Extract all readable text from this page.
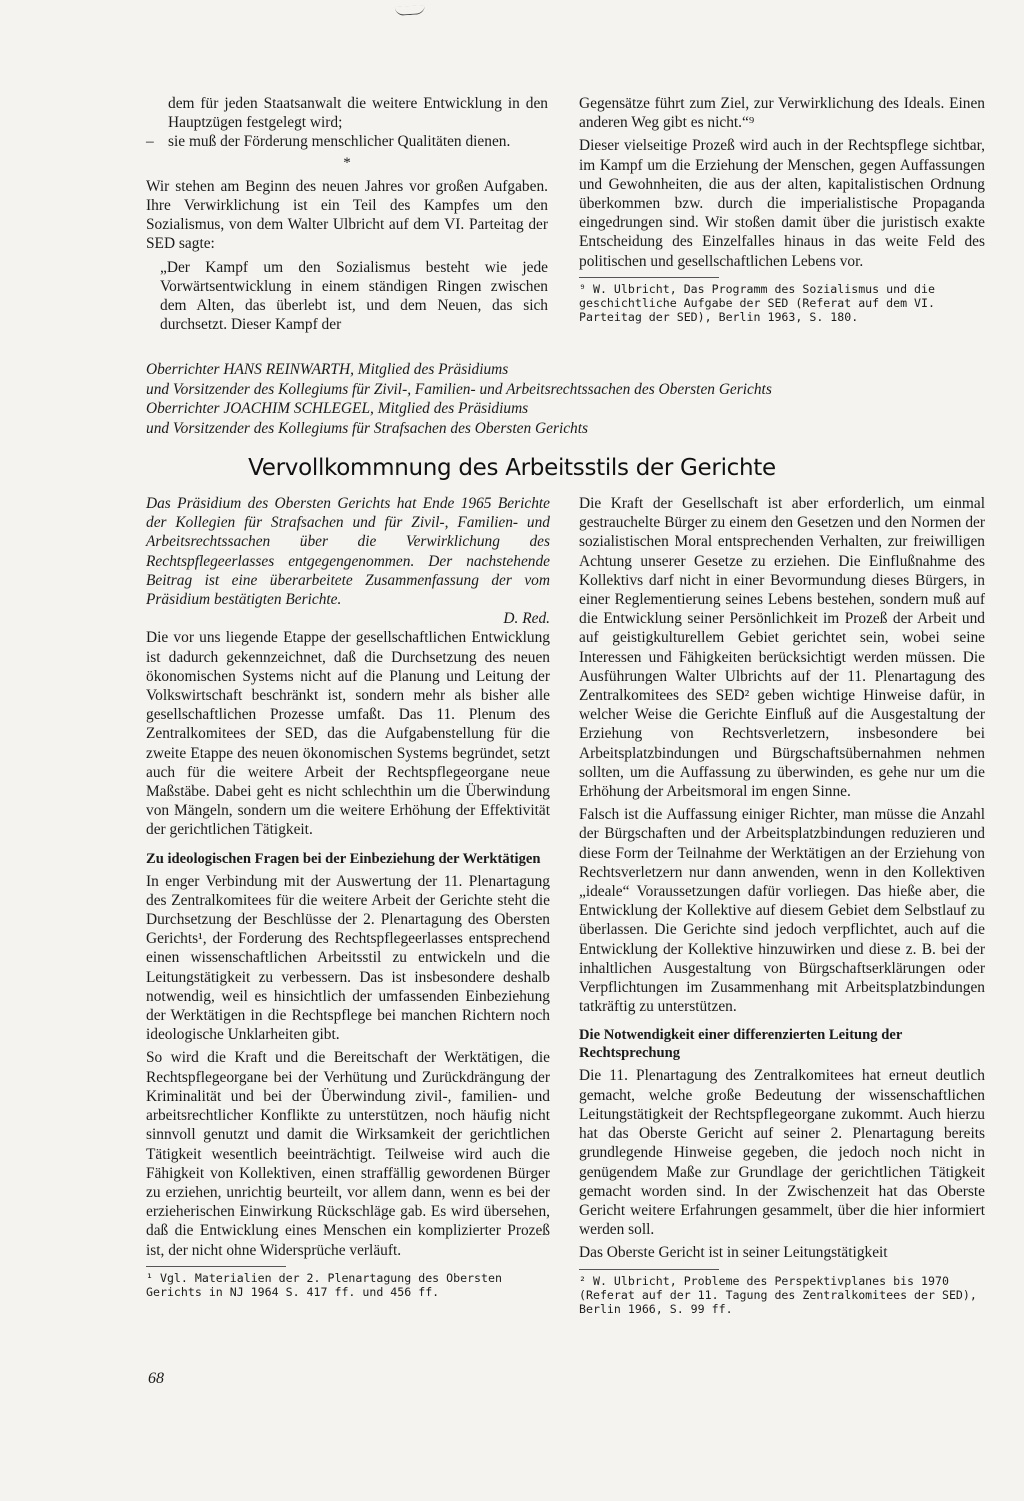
dem für jeden Staatsanwalt die weitere Entwicklung in den Hauptzügen festgelegt wird;

– sie muß der Förderung menschlicher Qualitäten dienen.
*

Wir stehen am Beginn des neuen Jahres vor großen Aufgaben. Ihre Verwirklichung ist ein Teil des Kampfes um den Sozialismus, von dem Walter Ulbricht auf dem VI. Parteitag der SED sagte:

„Der Kampf um den Sozialismus besteht wie jede Vorwärtsentwicklung in einem ständigen Ringen zwischen dem Alten, das überlebt ist, und dem Neuen, das sich durchsetzt. Dieser Kampf der

Gegensätze führt zum Ziel, zur Verwirklichung des Ideals. Einen anderen Weg gibt es nicht.“⁹

Dieser vielseitige Prozeß wird auch in der Rechtspflege sichtbar, im Kampf um die Erziehung der Menschen, gegen Auffassungen und Gewohnheiten, die aus der alten, kapitalistischen Ordnung überkommen bzw. durch die imperialistische Propaganda eingedrungen sind. Wir stoßen damit über die juristisch exakte Entscheidung des Einzelfalles hinaus in das weite Feld des politischen und gesellschaftlichen Lebens vor.

⁹ W. Ulbricht, Das Programm des Sozialismus und die geschichtliche Aufgabe der SED (Referat auf dem VI. Parteitag der SED), Berlin 1963, S. 180.

Oberrichter HANS REINWARTH, Mitglied des Präsidiums
und Vorsitzender des Kollegiums für Zivil-, Familien- und Arbeitsrechtssachen des Obersten Gerichts
Oberrichter JOACHIM SCHLEGEL, Mitglied des Präsidiums
und Vorsitzender des Kollegiums für Strafsachen des Obersten Gerichts
Vervollkommnung des Arbeitsstils der Gerichte

Das Präsidium des Obersten Gerichts hat Ende 1965 Berichte der Kollegien für Strafsachen und für Zivil-, Familien- und Arbeitsrechtssachen über die Verwirklichung des Rechtspflegeerlasses entgegengenommen. Der nachstehende Beitrag ist eine überarbeitete Zusammenfassung der vom Präsidium bestätigten Berichte.

D. Red.

Die vor uns liegende Etappe der gesellschaftlichen Entwicklung ist dadurch gekennzeichnet, daß die Durchsetzung des neuen ökonomischen Systems nicht auf die Planung und Leitung der Volkswirtschaft beschränkt ist, sondern mehr als bisher alle gesellschaftlichen Prozesse umfaßt. Das 11. Plenum des Zentralkomitees der SED, das die Aufgabenstellung für die zweite Etappe des neuen ökonomischen Systems begründet, setzt auch für die weitere Arbeit der Rechtspflegeorgane neue Maßstäbe. Dabei geht es nicht schlechthin um die Überwindung von Mängeln, sondern um die weitere Erhöhung der Effektivität der gerichtlichen Tätigkeit.

Zu ideologischen Fragen bei der Einbeziehung der Werktätigen

In enger Verbindung mit der Auswertung der 11. Plenartagung des Zentralkomitees für die weitere Arbeit der Gerichte steht die Durchsetzung der Beschlüsse der 2. Plenartagung des Obersten Gerichts¹, der Forderung des Rechtspflegeerlasses entsprechend einen wissenschaftlichen Arbeitsstil zu entwickeln und die Leitungstätigkeit zu verbessern. Das ist insbesondere deshalb notwendig, weil es hinsichtlich der umfassenden Einbeziehung der Werktätigen in die Rechtspflege bei manchen Richtern noch ideologische Unklarheiten gibt.

So wird die Kraft und die Bereitschaft der Werktätigen, die Rechtspflegeorgane bei der Verhütung und Zurückdrängung der Kriminalität und bei der Überwindung zivil-, familien- und arbeitsrechtlicher Konflikte zu unterstützen, noch häufig nicht sinnvoll genutzt und damit die Wirksamkeit der gerichtlichen Tätigkeit wesentlich beeinträchtigt. Teilweise wird auch die Fähigkeit von Kollektiven, einen straffällig gewordenen Bürger zu erziehen, unrichtig beurteilt, vor allem dann, wenn es bei der erzieherischen Einwirkung Rückschläge gab. Es wird übersehen, daß die Entwicklung eines Menschen ein komplizierter Prozeß ist, der nicht ohne Widersprüche verläuft.

¹ Vgl. Materialien der 2. Plenartagung des Obersten Gerichts in NJ 1964 S. 417 ff. und 456 ff.

Die Kraft der Gesellschaft ist aber erforderlich, um einmal gestrauchelte Bürger zu einem den Gesetzen und den Normen der sozialistischen Moral entsprechenden Verhalten, zur freiwilligen Achtung unserer Gesetze zu erziehen. Die Einflußnahme des Kollektivs darf nicht in einer Bevormundung dieses Bürgers, in einer Reglementierung seines Lebens bestehen, sondern muß auf die Entwicklung seiner Persönlichkeit im Prozeß der Arbeit und auf geistigkulturellem Gebiet gerichtet sein, wobei seine Interessen und Fähigkeiten berücksichtigt werden müssen. Die Ausführungen Walter Ulbrichts auf der 11. Plenartagung des Zentralkomitees des SED² geben wichtige Hinweise dafür, in welcher Weise die Gerichte Einfluß auf die Ausgestaltung der Erziehung von Rechtsverletzern, insbesondere bei Arbeitsplatzbindungen und Bürgschaftsübernahmen nehmen sollten, um die Auffassung zu überwinden, es gehe nur um die Erhöhung der Arbeitsmoral im engen Sinne.

Falsch ist die Auffassung einiger Richter, man müsse die Anzahl der Bürgschaften und der Arbeitsplatzbindungen reduzieren und diese Form der Teilnahme der Werktätigen an der Erziehung von Rechtsverletzern nur dann anwenden, wenn in den Kollektiven „ideale“ Voraussetzungen dafür vorliegen. Das hieße aber, die Entwicklung der Kollektive auf diesem Gebiet dem Selbstlauf zu überlassen. Die Gerichte sind jedoch verpflichtet, auch auf die Entwicklung der Kollektive hinzuwirken und diese z. B. bei der inhaltlichen Ausgestaltung von Bürgschaftserklärungen oder Verpflichtungen im Zusammenhang mit Arbeitsplatzbindungen tatkräftig zu unterstützen.

Die Notwendigkeit einer differenzierten Leitung der Rechtsprechung

Die 11. Plenartagung des Zentralkomitees hat erneut deutlich gemacht, welche große Bedeutung der wissenschaftlichen Leitungstätigkeit der Rechtspflegeorgane zukommt. Auch hierzu hat das Oberste Gericht auf seiner 2. Plenartagung bereits grundlegende Hinweise gegeben, die jedoch noch nicht in genügendem Maße zur Grundlage der gerichtlichen Tätigkeit gemacht worden sind. In der Zwischenzeit hat das Oberste Gericht weitere Erfahrungen gesammelt, über die hier informiert werden soll.

Das Oberste Gericht ist in seiner Leitungstätigkeit

² W. Ulbricht, Probleme des Perspektivplanes bis 1970 (Referat auf der 11. Tagung des Zentralkomitees der SED), Berlin 1966, S. 99 ff.

68
